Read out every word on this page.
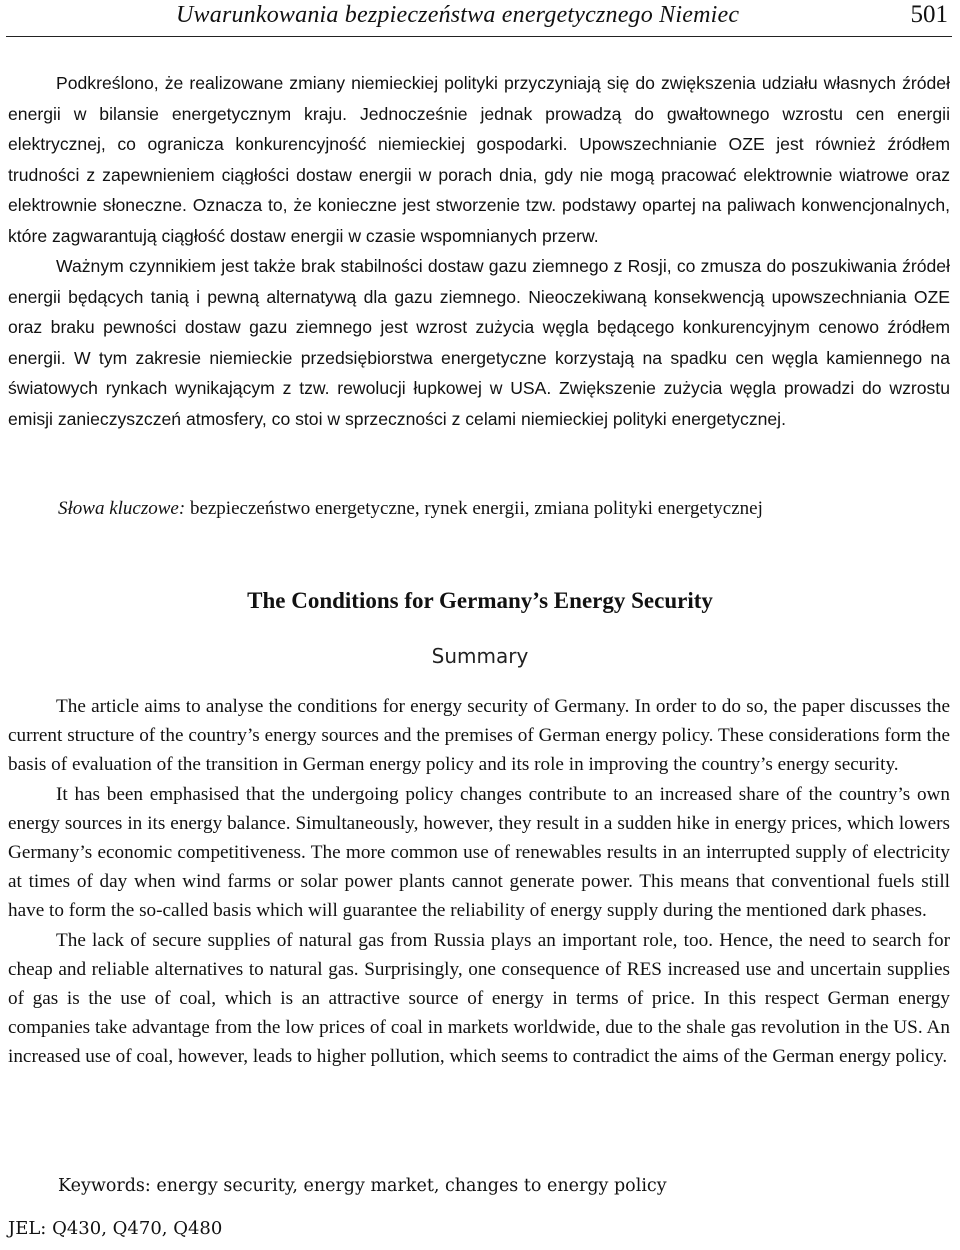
Uwarunkowania bezpieczeństwa energetycznego Niemiec	501

Podkreślono, że realizowane zmiany niemieckiej polityki przyczyniają się do zwiększenia udziału własnych źródeł energii w bilansie energetycznym kraju. Jednocześnie jednak prowadzą do gwałtownego wzrostu cen energii elektrycznej, co ogranicza konkurencyjność niemieckiej gospodarki. Upowszechnianie OZE jest również źródłem trudności z zapewnieniem ciągłości dostaw energii w porach dnia, gdy nie mogą pracować elektrownie wiatrowe oraz elektrownie słoneczne. Oznacza to, że konieczne jest stworzenie tzw. podstawy opartej na paliwach konwencjonalnych, które zagwarantują ciągłość dostaw energii w czasie wspomnianych przerw.

Ważnym czynnikiem jest także brak stabilności dostaw gazu ziemnego z Rosji, co zmusza do poszukiwania źródeł energii będących tanią i pewną alternatywą dla gazu ziemnego. Nieoczekiwaną konsekwencją upowszechniania OZE oraz braku pewności dostaw gazu ziemnego jest wzrost zużycia węgla będącego konkurencyjnym cenowo źródłem energii. W tym zakresie niemieckie przedsiębiorstwa energetyczne korzystają na spadku cen węgla kamiennego na światowych rynkach wynikającym z tzw. rewolucji łupkowej w USA. Zwiększenie zużycia węgla prowadzi do wzrostu emisji zanieczyszczeń atmosfery, co stoi w sprzeczności z celami niemieckiej polityki energetycznej.

Słowa kluczowe: bezpieczeństwo energetyczne, rynek energii, zmiana polityki energetycznej
The Conditions for Germany’s Energy Security
Summary

The article aims to analyse the conditions for energy security of Germany. In order to do so, the paper discusses the current structure of the country’s energy sources and the premises of German energy policy. These considerations form the basis of evaluation of the transition in German energy policy and its role in improving the country’s energy security.

It has been emphasised that the undergoing policy changes contribute to an increased share of the country’s own energy sources in its energy balance. Simultaneously, however, they result in a sudden hike in energy prices, which lowers Germany’s economic competitiveness. The more common use of renewables results in an interrupted supply of electricity at times of day when wind farms or solar power plants cannot generate power. This means that conventional fuels still have to form the so-called basis which will guarantee the reliability of energy supply during the mentioned dark phases.

The lack of secure supplies of natural gas from Russia plays an important role, too. Hence, the need to search for cheap and reliable alternatives to natural gas. Surprisingly, one consequence of RES increased use and uncertain supplies of gas is the use of coal, which is an attractive source of energy in terms of price. In this respect German energy companies take advantage from the low prices of coal in markets worldwide, due to the shale gas revolution in the US. An increased use of coal, however, leads to higher pollution, which seems to contradict the aims of the German energy policy.

Keywords: energy security, energy market, changes to energy policy
JEL: Q430, Q470, Q480
